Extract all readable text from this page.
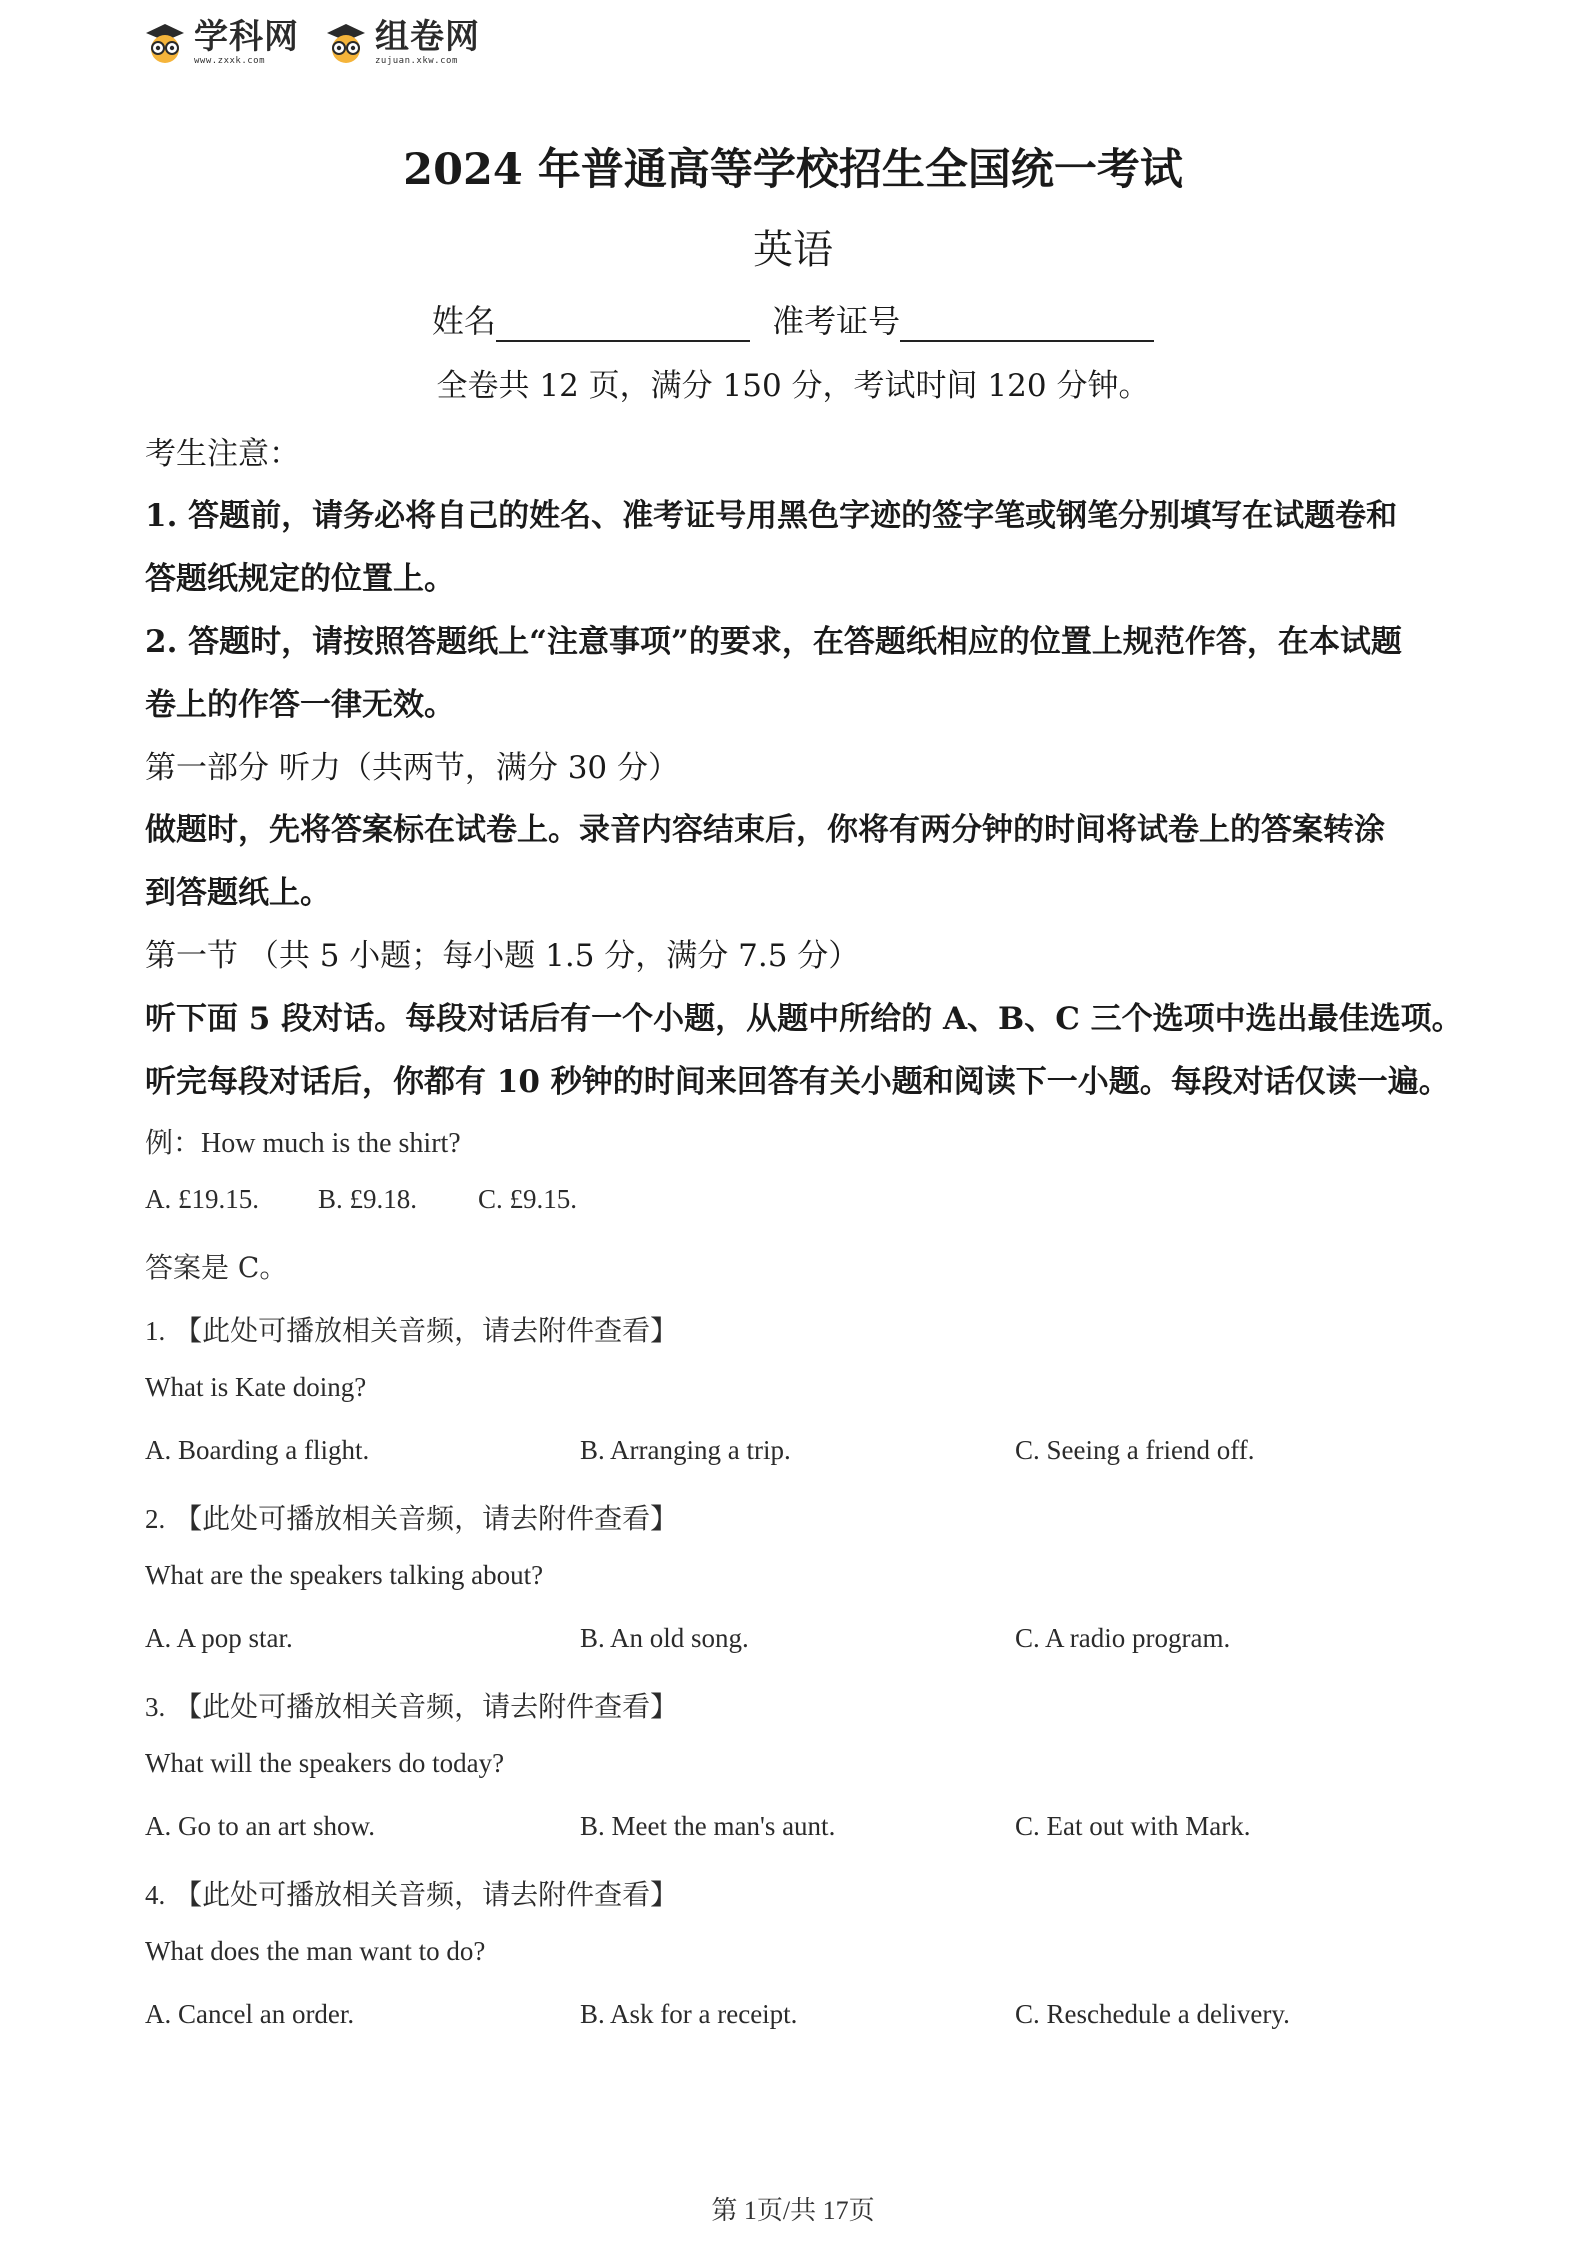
学科网
www.zxxk.com
组卷网
zujuan.xkw.com
2024 年普通高等学校招生全国统一考试
英语
姓名	准考证号
全卷共 12 页，满分 150 分，考试时间 120 分钟。
考生注意：
1. 答题前，请务必将自己的姓名、准考证号用黑色字迹的签字笔或钢笔分别填写在试题卷和
答题纸规定的位置上。
2. 答题时，请按照答题纸上“注意事项”的要求，在答题纸相应的位置上规范作答，在本试题
卷上的作答一律无效。
第一部分 听力（共两节，满分 30 分）
做题时，先将答案标在试卷上。录音内容结束后，你将有两分钟的时间将试卷上的答案转涂
到答题纸上。
第一节 （共 5 小题；每小题 1.5 分，满分 7.5 分）
听下面 5 段对话。每段对话后有一个小题，从题中所给的 A、B、C 三个选项中选出最佳选项。
听完每段对话后，你都有 10 秒钟的时间来回答有关小题和阅读下一小题。每段对话仅读一遍。
例：How much is the shirt?
A. £19.15. B. £9.18. C. £9.15.
答案是 C。
1. 【此处可播放相关音频，请去附件查看】
What is Kate doing?
A. Boarding a flight.	B. Arranging a trip.	C. Seeing a friend off.
2. 【此处可播放相关音频，请去附件查看】
What are the speakers talking about?
A. A pop star.	B. An old song.	C. A radio program.
3. 【此处可播放相关音频，请去附件查看】
What will the speakers do today?
A. Go to an art show.	B. Meet the man's aunt.	C. Eat out with Mark.
4. 【此处可播放相关音频，请去附件查看】
What does the man want to do?
A. Cancel an order.	B. Ask for a receipt.	C. Reschedule a delivery.
第 1页/共 17页
